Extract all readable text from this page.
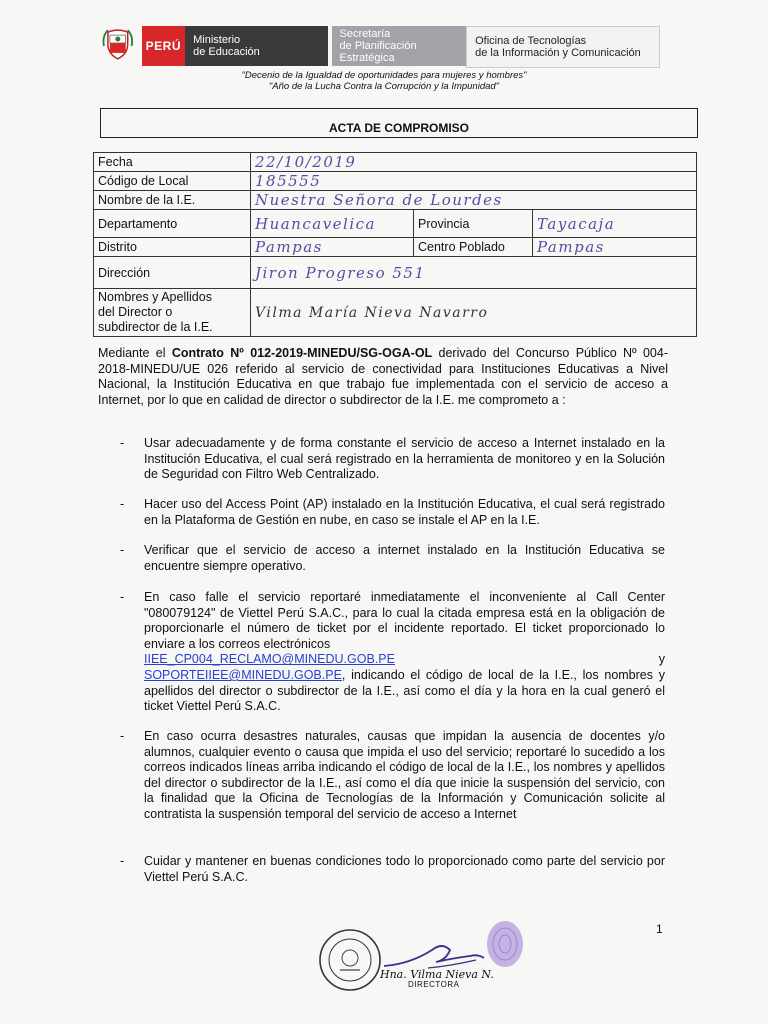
PERÚ Ministerio
de Educación
Secretaría
de Planificación Estratégica
Oficina de Tecnologías
de la Información y Comunicación
"Decenio de la Igualdad de oportunidades para mujeres y hombres"
"Año de la Lucha Contra la Corrupción y la Impunidad"
ACTA DE COMPROMISO
Fecha	22/10/2019		
Código de Local	185555		
Nombre de la I.E.	Nuestra Señora de Lourdes		
Departamento	Huancavelica	Provincia	Tayacaja
Distrito	Pampas	Centro Poblado	Pampas
Dirección	Jiron Progreso 551		

Nombres y Apellidos
del Director o
subdirector de la I.E.	Vilma María Nieva Navarro		
Mediante el Contrato Nº 012-2019-MINEDU/SG-OGA-OL derivado del Concurso Público Nº 004-2018-MINEDU/UE 026 referido al servicio de conectividad para Instituciones Educativas a Nivel Nacional, la Institución Educativa en que trabajo fue implementada con el servicio de acceso a Internet, por lo que en calidad de director o subdirector de la I.E. me comprometo a :
- Usar adecuadamente y de forma constante el servicio de acceso a Internet instalado en la Institución Educativa, el cual será registrado en la herramienta de monitoreo y en la Solución de Seguridad con Filtro Web Centralizado.
- Hacer uso del Access Point (AP) instalado en la Institución Educativa, el cual será registrado en la Plataforma de Gestión en nube, en caso se instale el AP en la I.E.
- Verificar que el servicio de acceso a internet instalado en la Institución Educativa se encuentre siempre operativo.
- En caso falle el servicio reportaré inmediatamente el inconveniente al Call Center "080079124" de Viettel Perú S.A.C., para lo cual la citada empresa está en la obligación de proporcionarle el número de ticket por el incidente reportado. El ticket proporcionado lo enviare a los correos electrónicos
IIEE_CP004_RECLAMO@MINEDU.GOB.PE	y
SOPORTEIIEE@MINEDU.GOB.PE, indicando el código de local de la I.E., los nombres y apellidos del director o subdirector de la I.E., así como el día y la hora en la cual generó el ticket Viettel Perú S.A.C.
- En caso ocurra desastres naturales, causas que impidan la ausencia de docentes y/o alumnos, cualquier evento o causa que impida el uso del servicio; reportaré lo sucedido a los correos indicados líneas arriba indicando el código de local de la I.E., los nombres y apellidos del director o subdirector de la I.E., así como el día que inicie la suspensión del servicio, con la finalidad que la Oficina de Tecnologías de la Información y Comunicación solicite al contratista la suspensión temporal del servicio de acceso a Internet
- Cuidar y mantener en buenas condiciones todo lo proporcionado como parte del servicio por Viettel Perú S.A.C.
1
Hna. Vilma Nieva N.
DIRECTORA
